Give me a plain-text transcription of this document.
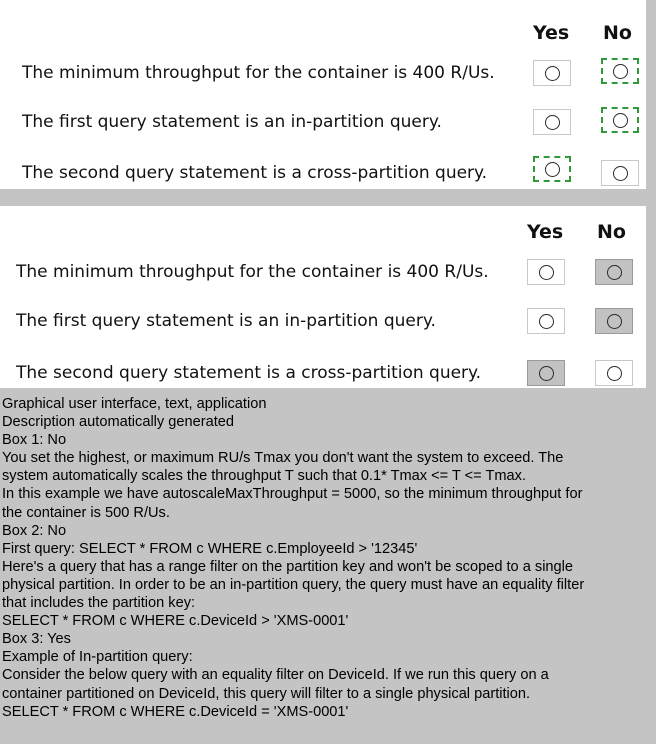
Yes No
The minimum throughput for the container is 400 R/Us.
The first query statement is an in-partition query.
The second query statement is a cross-partition query.
Yes No
The minimum throughput for the container is 400 R/Us.
The first query statement is an in-partition query.
The second query statement is a cross-partition query.
Graphical user interface, text, application
Description automatically generated
Box 1: No
You set the highest, or maximum RU/s Tmax you don't want the system to exceed. The
system automatically scales the throughput T such that 0.1* Tmax <= T <= Tmax.
In this example we have autoscaleMaxThroughput = 5000, so the minimum throughput for
the container is 500 R/Us.
Box 2: No
First query: SELECT * FROM c WHERE c.EmployeeId > '12345'
Here's a query that has a range filter on the partition key and won't be scoped to a single
physical partition. In order to be an in-partition query, the query must have an equality filter
that includes the partition key:
SELECT * FROM c WHERE c.DeviceId > 'XMS-0001'
Box 3: Yes
Example of In-partition query:
Consider the below query with an equality filter on DeviceId. If we run this query on a
container partitioned on DeviceId, this query will filter to a single physical partition.
SELECT * FROM c WHERE c.DeviceId = 'XMS-0001'
